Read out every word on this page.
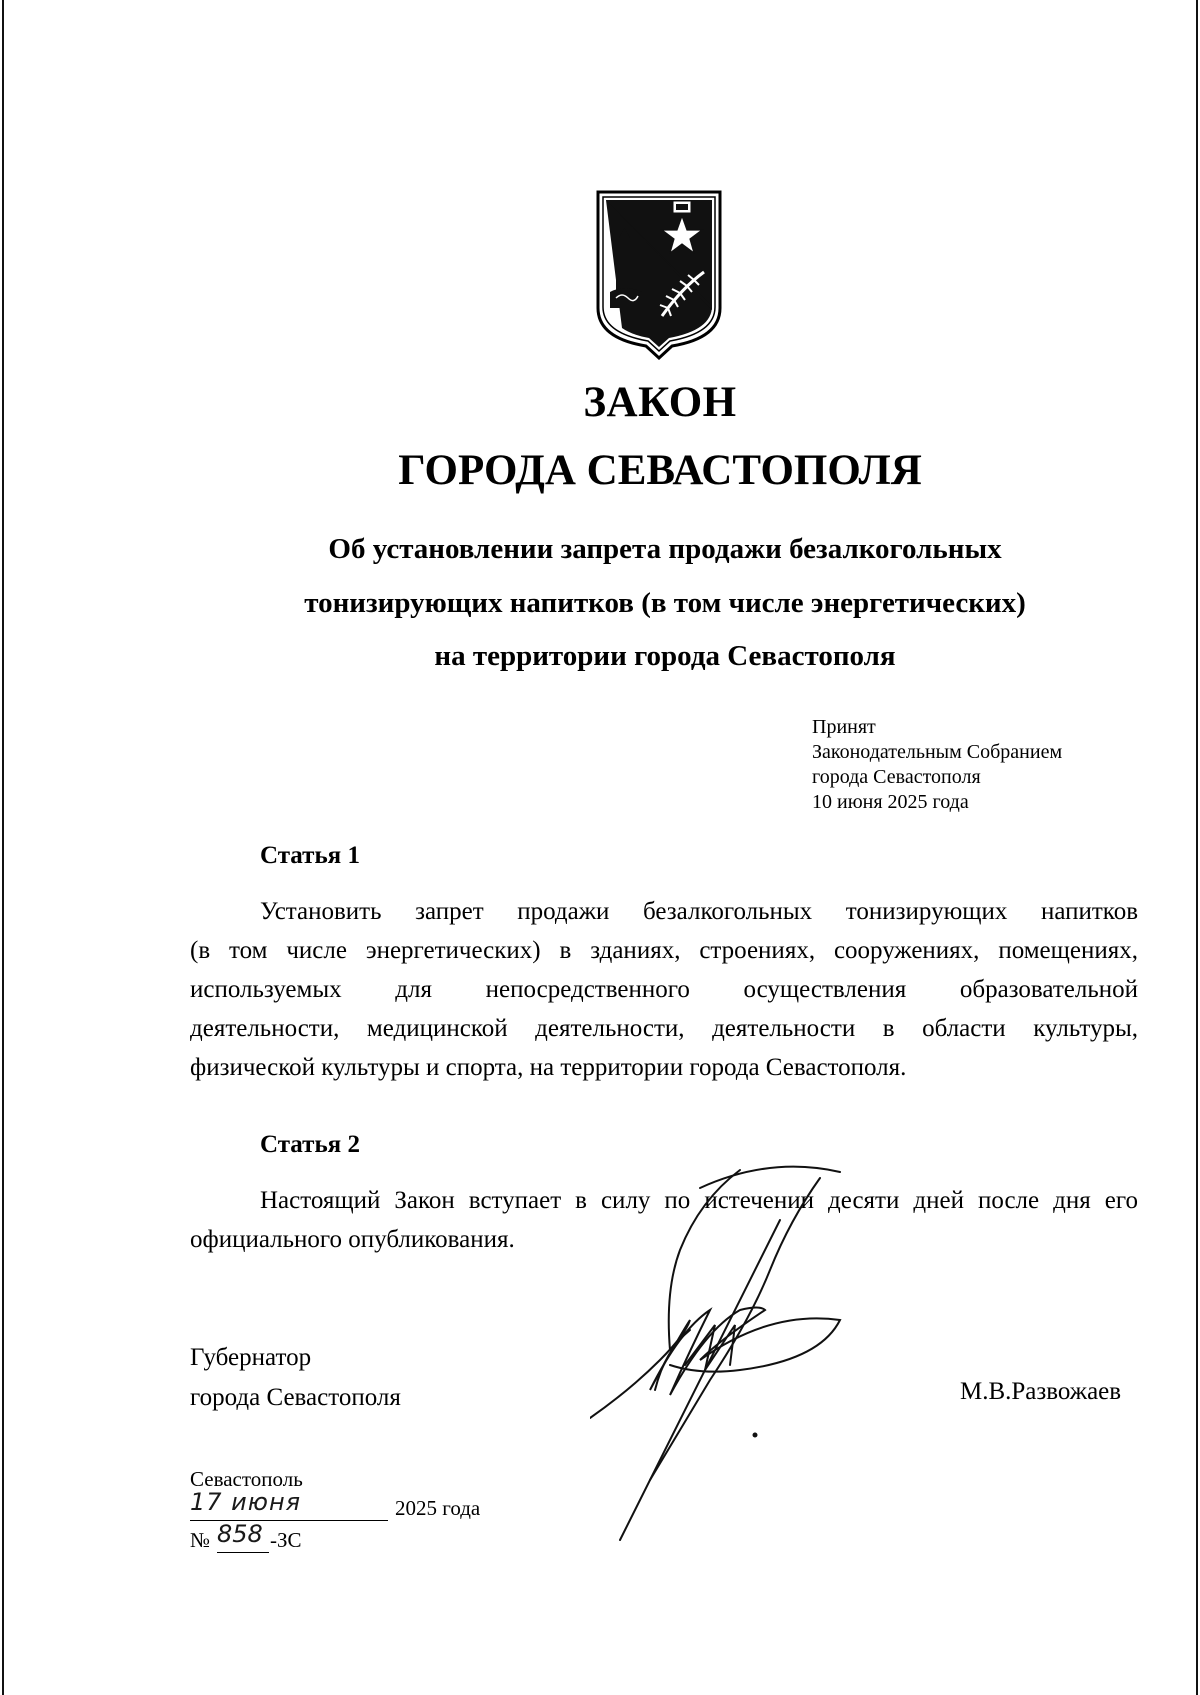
ЗАКОН
ГОРОДА СЕВАСТОПОЛЯ
Об установлении запрета продажи безалкогольных
тонизирующих напитков (в том числе энергетических)
на территории города Севастополя
Принят
Законодательным Собранием
города Севастополя
10 июня 2025 года
Статья 1
Установить запрет продажи безалкогольных тонизирующих напитков
(в том числе энергетических) в зданиях, строениях, сооружениях, помещениях,
используемых для непосредственного осуществления образовательной
деятельности, медицинской деятельности, деятельности в области культуры,
физической культуры и спорта, на территории города Севастополя.
Статья 2
Настоящий Закон вступает в силу по истечении десяти дней после дня его
официального опубликования.
Губернатор
города Севастополя	М.В.Развожаев
Севастополь
17 июня	2025 года
№ 858 -ЗС
